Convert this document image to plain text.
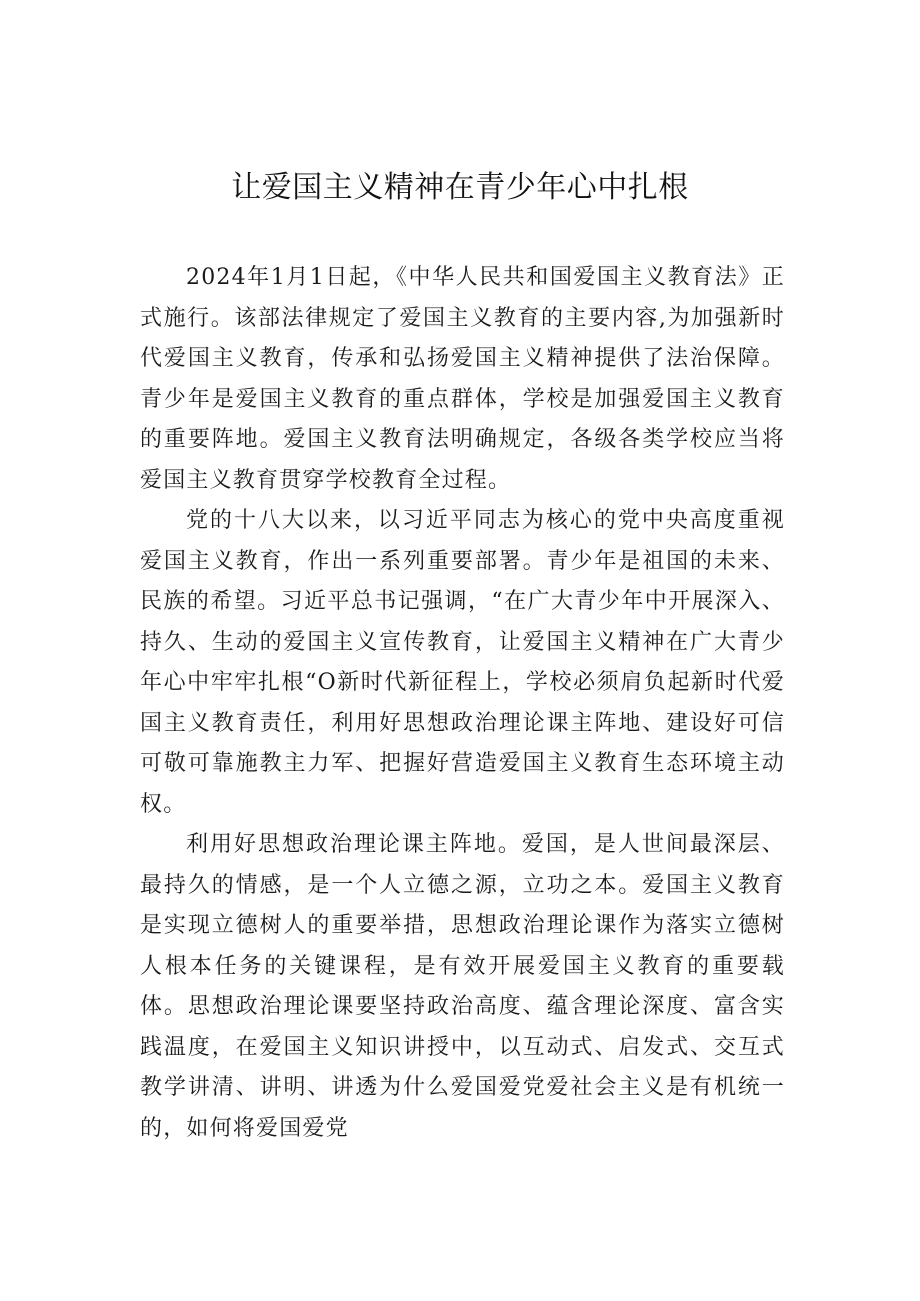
让爱国主义精神在青少年心中扎根

2024年1月1日起，《中华人民共和国爱国主义教育法》正式施行。该部法律规定了爱国主义教育的主要内容,为加强新时代爱国主义教育，传承和弘扬爱国主义精神提供了法治保障。青少年是爱国主义教育的重点群体，学校是加强爱国主义教育的重要阵地。爱国主义教育法明确规定，各级各类学校应当将爱国主义教育贯穿学校教育全过程。

党的十八大以来，以习近平同志为核心的党中央高度重视爱国主义教育，作出一系列重要部署。青少年是祖国的未来、民族的希望。习近平总书记强调，“在广大青少年中开展深入、持久、生动的爱国主义宣传教育，让爱国主义精神在广大青少年心中牢牢扎根“O新时代新征程上，学校必须肩负起新时代爱国主义教育责任，利用好思想政治理论课主阵地、建设好可信可敬可靠施教主力军、把握好营造爱国主义教育生态环境主动权。

利用好思想政治理论课主阵地。爱国，是人世间最深层、最持久的情感，是一个人立德之源，立功之本。爱国主义教育是实现立德树人的重要举措，思想政治理论课作为落实立德树人根本任务的关键课程，是有效开展爱国主义教育的重要载体。思想政治理论课要坚持政治高度、蕴含理论深度、富含实践温度，在爱国主义知识讲授中，以互动式、启发式、交互式教学讲清、讲明、讲透为什么爱国爱党爱社会主义是有机统一的，如何将爱国爱党
